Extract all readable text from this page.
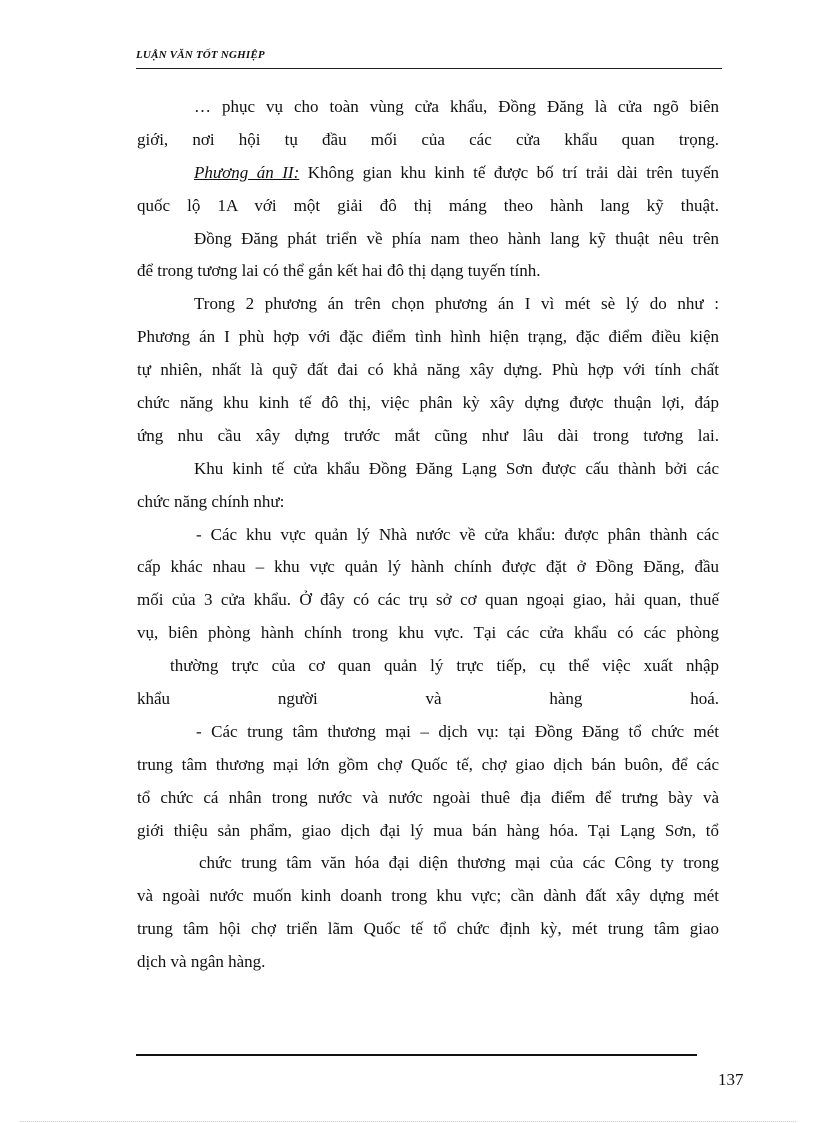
LUẬN VĂN TỐT NGHIỆP
… phục vụ cho toàn vùng cửa khẩu, Đồng Đăng là cửa ngõ biên
giới, nơi hội tụ đầu mối của các cửa khẩu quan trọng.
Phương án II: Không gian khu kinh tế được bố trí trải dài trên tuyến
quốc lộ 1A với một giải đô thị máng theo hành lang kỹ thuật.
Đồng Đăng phát triển về phía nam theo hành lang kỹ thuật nêu trên
để trong tương lai có thể gắn kết hai đô thị dạng tuyến tính.
Trong 2 phương án trên chọn phương án I vì mét sè lý do như :
Phương án I phù hợp với đặc điểm tình hình hiện trạng, đặc điểm điều kiện
tự nhiên, nhất là quỹ đất đai có khả năng xây dựng. Phù hợp với tính chất
chức năng khu kinh tế đô thị, việc phân kỳ xây dựng được thuận lợi, đáp
ứng nhu cầu xây dựng trước mắt cũng như lâu dài trong tương lai.
Khu kinh tế cửa khẩu Đồng Đăng Lạng Sơn được cấu thành bởi các
chức năng chính như:
- Các khu vực quản lý Nhà nước về cửa khẩu: được phân thành các
cấp khác nhau – khu vực quản lý hành chính được đặt ở Đồng Đăng, đầu
mối của 3 cửa khẩu. Ở đây có các trụ sở cơ quan ngoại giao, hải quan, thuế
vụ, biên phòng hành chính trong khu vực. Tại các cửa khẩu có các phòng
thường trực của cơ quan quản lý trực tiếp, cụ thể việc xuất nhập
khẩu người và hàng hoá.
- Các trung tâm thương mại – dịch vụ: tại Đồng Đăng tổ chức mét
trung tâm thương mại lớn gồm chợ Quốc tế, chợ giao dịch bán buôn, để các
tổ chức cá nhân trong nước và nước ngoài thuê địa điểm để trưng bày và
giới thiệu sản phẩm, giao dịch đại lý mua bán hàng hóa. Tại Lạng Sơn, tổ
chức trung tâm văn hóa đại diện thương mại của các Công ty trong
và ngoài nước muốn kinh doanh trong khu vực; cần dành đất xây dựng mét
trung tâm hội chợ triển lãm Quốc tế tổ chức định kỳ, mét trung tâm giao
dịch và ngân hàng.
137
